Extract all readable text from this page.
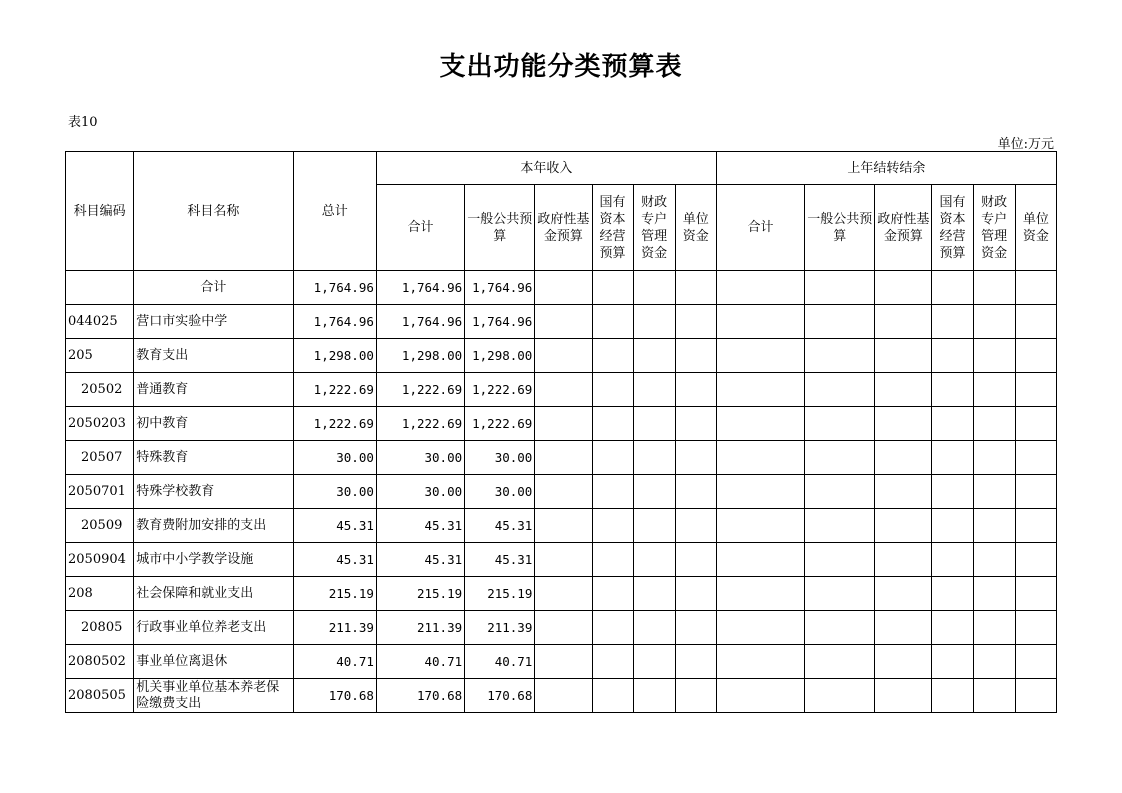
支出功能分类预算表
表10
单位:万元
科目编码	科目名称	总计	本年收入						上年结转结余					
			合计	一般公共预算	政府性基金预算	国有资本经营预算	财政专户管理资金	单位资金	合计	一般公共预算	政府性基金预算	国有资本经营预算	财政专户管理资金	单位资金
	合计	1,764.96	1,764.96	1,764.96										
044025	营口市实验中学	1,764.96	1,764.96	1,764.96										
205	教育支出	1,298.00	1,298.00	1,298.00										
20502	普通教育	1,222.69	1,222.69	1,222.69										
2050203	初中教育	1,222.69	1,222.69	1,222.69										
20507	特殊教育	30.00	30.00	30.00										
2050701	特殊学校教育	30.00	30.00	30.00										
20509	教育费附加安排的支出	45.31	45.31	45.31										
2050904	城市中小学教学设施	45.31	45.31	45.31										
208	社会保障和就业支出	215.19	215.19	215.19										
20805	行政事业单位养老支出	211.39	211.39	211.39										
2080502	事业单位离退休	40.71	40.71	40.71										
2080505	机关事业单位基本养老保险缴费支出	170.68	170.68	170.68										
